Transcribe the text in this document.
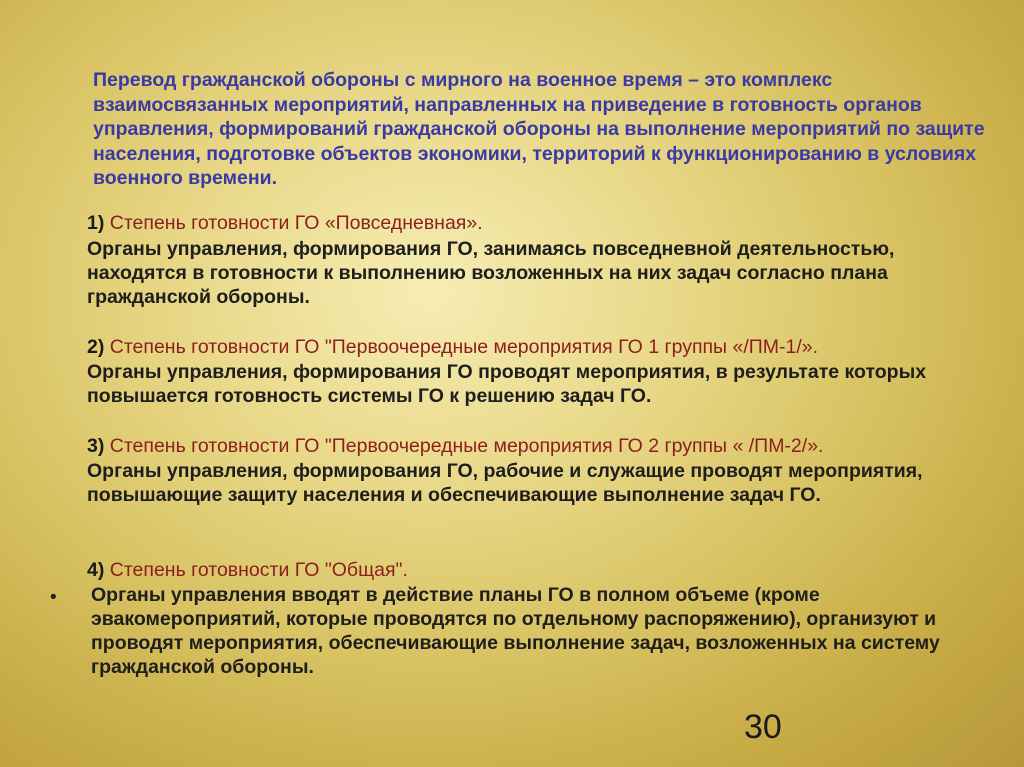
Перевод гражданской обороны с мирного на военное время – это комплекс взаимосвязанных мероприятий, направленных на приведение в готовность органов управления, формирований гражданской обороны на выполнение мероприятий по защите населения, подготовке объектов экономики, территорий к функционированию в условиях военного времени.

1) Степень готовности ГО «Повседневная».

Органы управления, формирования ГО, занимаясь повседневной деятельностью, находятся в готовности к выполнению возложенных на них задач согласно плана гражданской обороны.

2) Степень готовности ГО "Первоочередные мероприятия ГО 1 группы «/ПМ-1/».

Органы управления, формирования ГО проводят мероприятия, в результате которых повышается готовность системы ГО к решению задач ГО.

3) Степень готовности ГО "Первоочередные мероприятия ГО 2 группы « /ПМ-2/».

Органы управления, формирования ГО, рабочие и служащие проводят мероприятия, повышающие защиту населения и обеспечивающие выполнение задач ГО.

4) Степень готовности ГО "Общая".

• Органы управления вводят в действие планы ГО в полном объеме (кроме эвакомероприятий, которые проводятся по отдельному распоряжению), организуют и проводят мероприятия, обеспечивающие выполнение задач, возложенных на систему гражданской обороны.

30
